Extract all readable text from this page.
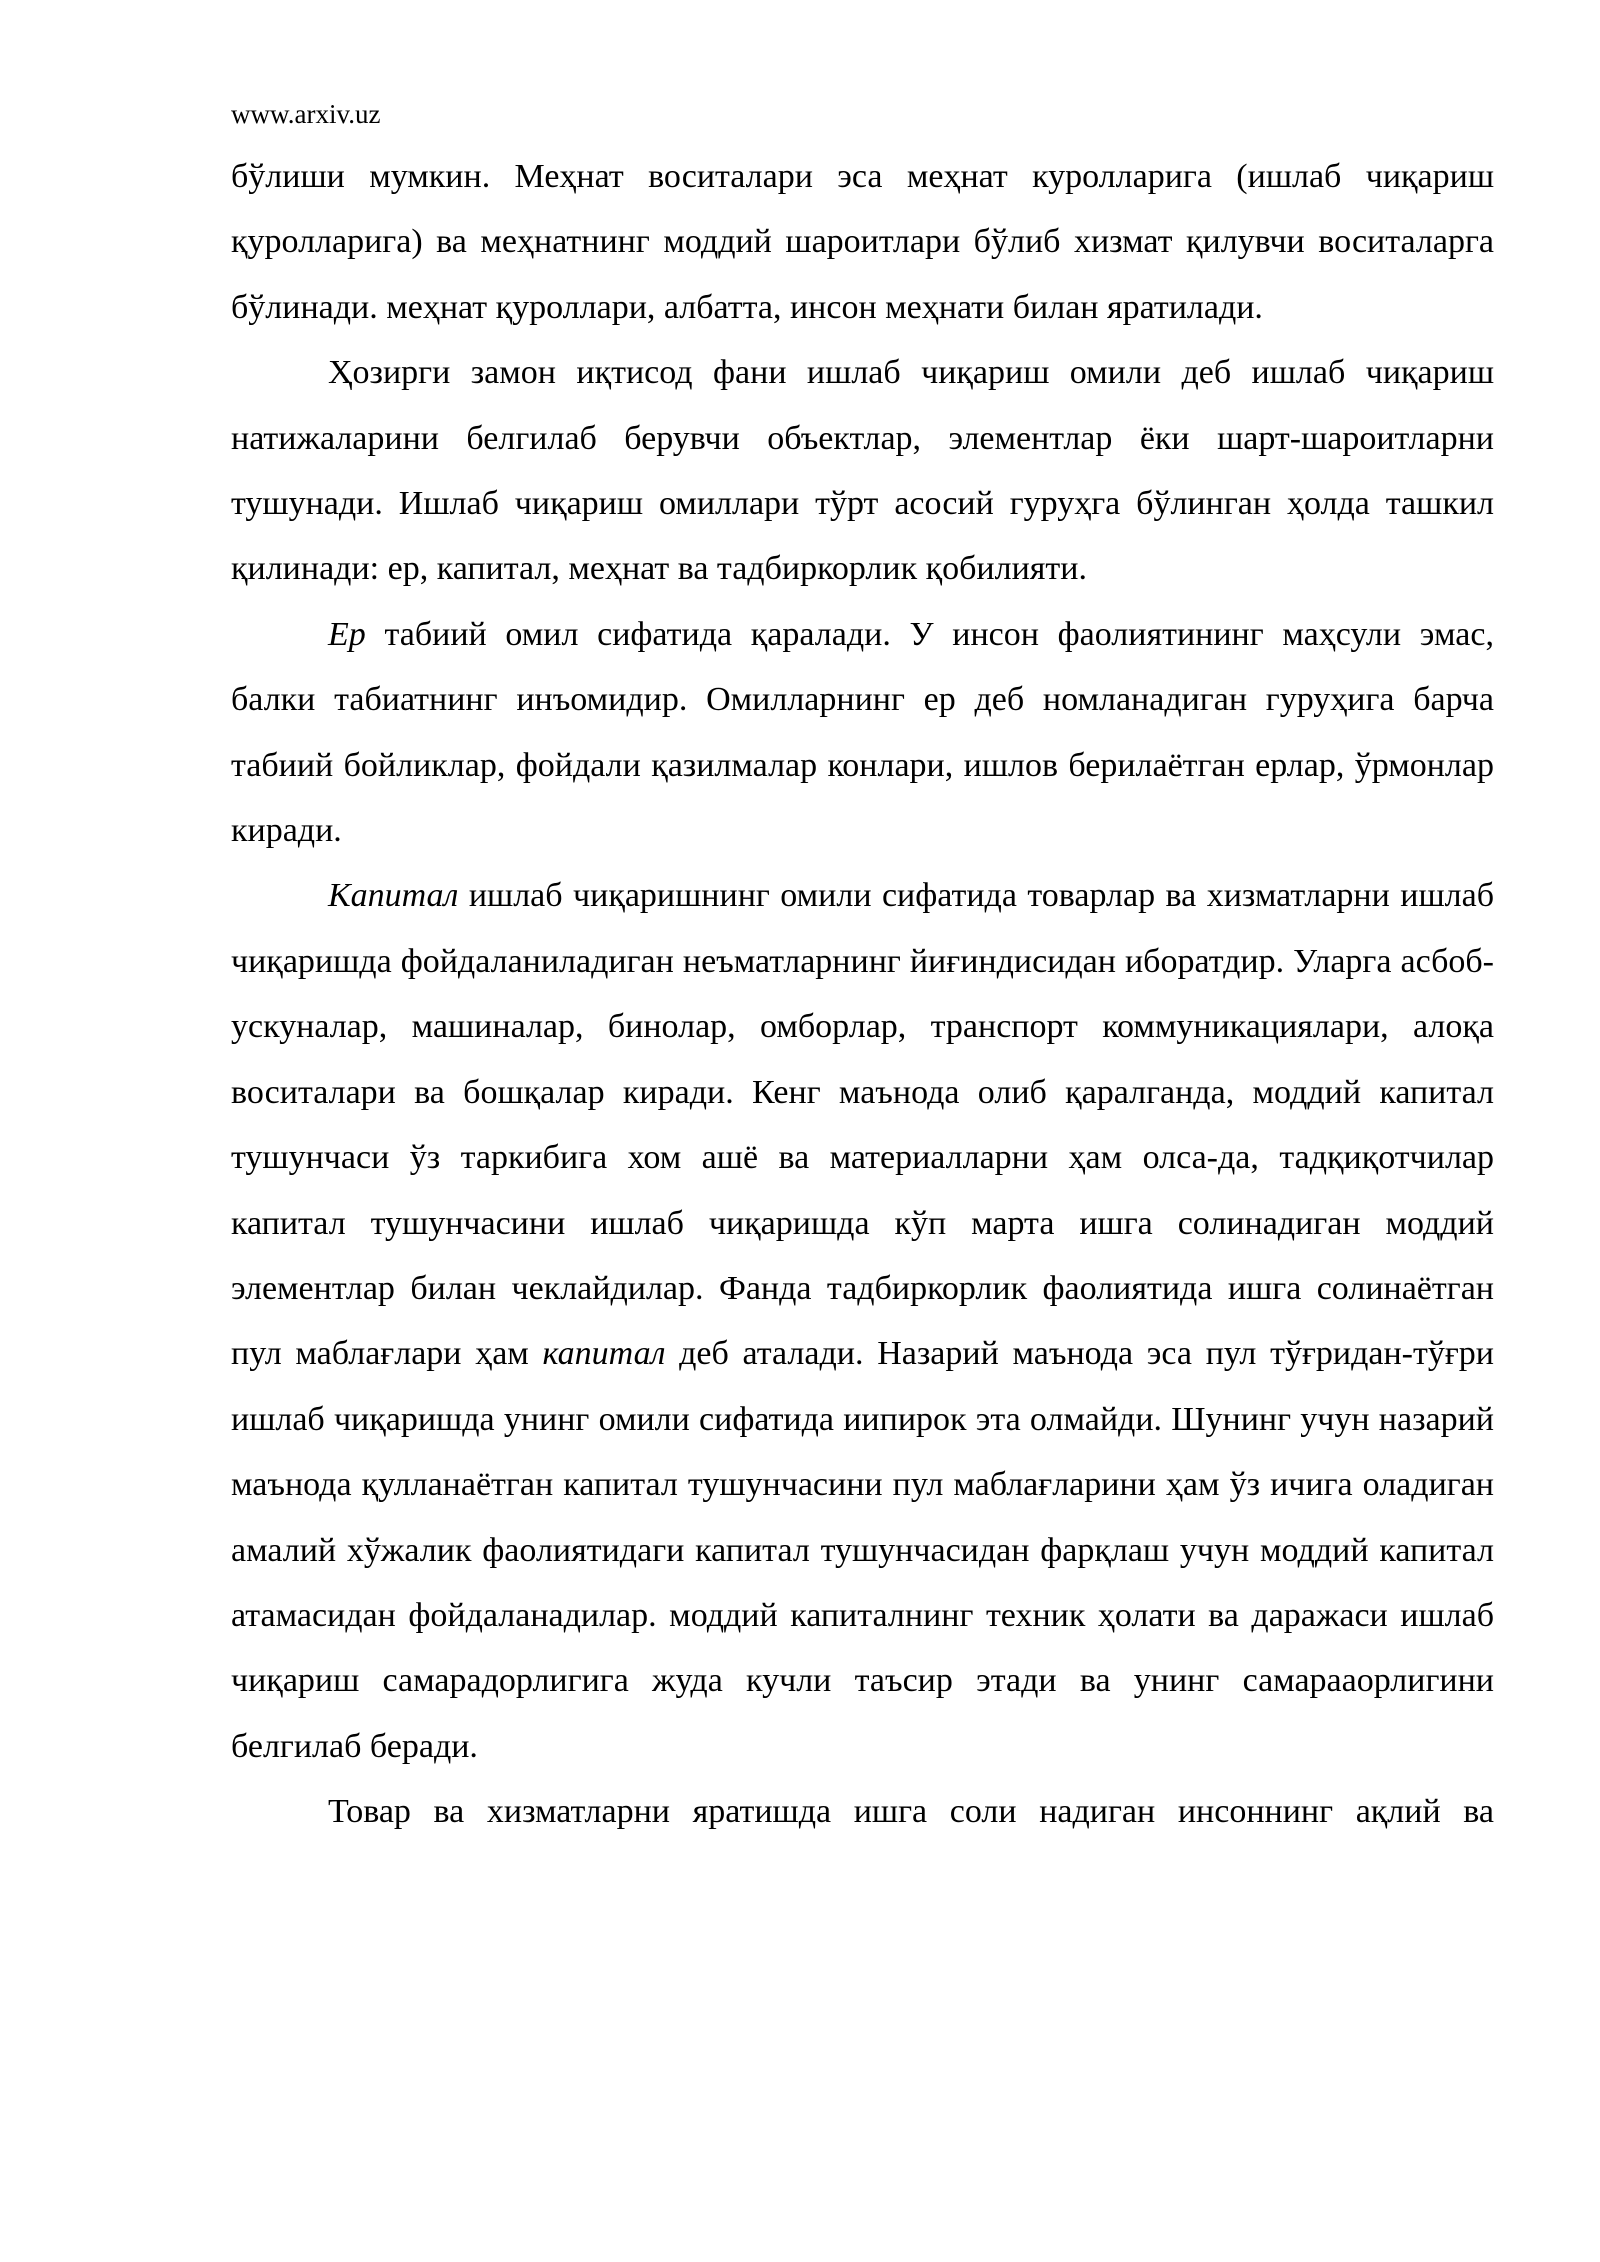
www.arxiv.uz

бўлиши мумкин. Меҳнат воситалари эса меҳнат куролларига (ишлаб чиқариш қуролларига) ва меҳнатнинг моддий шароитлари бўлиб хизмат қилувчи воситаларга бўлинади. меҳнат қуроллари, албатта, инсон меҳнати билан яратилади.

Ҳозирги замон иқтисод фани ишлаб чиқариш омили деб ишлаб чиқариш натижаларини белгилаб берувчи объектлар, элементлар ёки шарт-шароитларни тушунади. Ишлаб чиқариш омиллари тўрт асосий гуруҳга бўлинган ҳолда ташкил қилинади: ер, капитал, меҳнат ва тадбиркорлик қобилияти.

Ер табиий омил сифатида қаралади. У инсон фаолиятининг маҳсули эмас, балки табиатнинг инъомидир. Омилларнинг ер деб номланадиган гуруҳига барча табиий бойликлар, фойдали қазилмалар конлари, ишлов берилаётган ерлар, ўрмонлар киради.

Капитал ишлаб чиқаришнинг омили сифатида товарлар ва хизматларни ишлаб чиқаришда фойдаланиладиган неъматларнинг йиғиндисидан иборатдир. Уларга асбоб-ускуналар, машиналар, бинолар, омборлар, транспорт коммуникациялари, алоқа воситалари ва бошқалар киради. Кенг маънода олиб қаралганда, моддий капитал тушунчаси ўз таркибига хом ашё ва материалларни ҳам олса-да, тадқиқотчилар капитал тушунчасини ишлаб чиқаришда кўп марта ишга солинадиган моддий элементлар билан чеклайдилар. Фанда тадбиркорлик фаолиятида ишга солинаётган пул маблағлари ҳам капитал деб аталади. Назарий маънода эса пул тўғридан-тўғри ишлаб чиқаришда унинг омили сифатида иипирок эта олмайди. Шунинг учун назарий маънода қулланаётган капитал тушунчасини пул маблағларини ҳам ўз ичига оладиган амалий хўжалик фаолиятидаги капитал тушунчасидан фарқлаш учун моддий капитал атамасидан фойдаланадилар. моддий капиталнинг техник ҳолати ва даражаси ишлаб чиқариш самарадорлигига жуда кучли таъсир этади ва унинг самарааорлигини белгилаб беради.

Товар ва хизматларни яратишда ишга соли надиган инсоннинг ақлий ва
